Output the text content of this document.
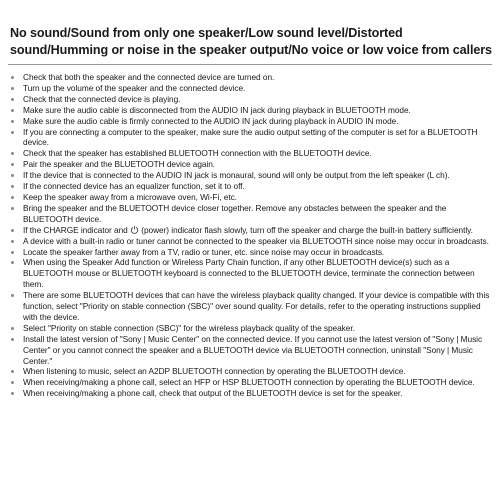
No sound/Sound from only one speaker/Low sound level/Distorted sound/Humming or noise in the speaker output/No voice or low voice from callers
Check that both the speaker and the connected device are turned on.
Turn up the volume of the speaker and the connected device.
Check that the connected device is playing.
Make sure the audio cable is disconnected from the AUDIO IN jack during playback in BLUETOOTH mode.
Make sure the audio cable is firmly connected to the AUDIO IN jack during playback in AUDIO IN mode.
If you are connecting a computer to the speaker, make sure the audio output setting of the computer is set for a BLUETOOTH device.
Check that the speaker has established BLUETOOTH connection with the BLUETOOTH device.
Pair the speaker and the BLUETOOTH device again.
If the device that is connected to the AUDIO IN jack is monaural, sound will only be output from the left speaker (L ch).
If the connected device has an equalizer function, set it to off.
Keep the speaker away from a microwave oven, Wi-Fi, etc.
Bring the speaker and the BLUETOOTH device closer together. Remove any obstacles between the speaker and the BLUETOOTH device.
If the CHARGE indicator and (power) indicator flash slowly, turn off the speaker and charge the built-in battery sufficiently.
A device with a built-in radio or tuner cannot be connected to the speaker via BLUETOOTH since noise may occur in broadcasts.
Locate the speaker farther away from a TV, radio or tuner, etc. since noise may occur in broadcasts.
When using the Speaker Add function or Wireless Party Chain function, if any other BLUETOOTH device(s) such as a BLUETOOTH mouse or BLUETOOTH keyboard is connected to the BLUETOOTH device, terminate the connection between them.
There are some BLUETOOTH devices that can have the wireless playback quality changed. If your device is compatible with this function, select "Priority on stable connection (SBC)" over sound quality. For details, refer to the operating instructions supplied with the device.
Select "Priority on stable connection (SBC)" for the wireless playback quality of the speaker.
Install the latest version of "Sony | Music Center" on the connected device. If you cannot use the latest version of "Sony | Music Center" or you cannot connect the speaker and a BLUETOOTH device via BLUETOOTH connection, uninstall "Sony | Music Center."
When listening to music, select an A2DP BLUETOOTH connection by operating the BLUETOOTH device.
When receiving/making a phone call, select an HFP or HSP BLUETOOTH connection by operating the BLUETOOTH device.
When receiving/making a phone call, check that output of the BLUETOOTH device is set for the speaker.
